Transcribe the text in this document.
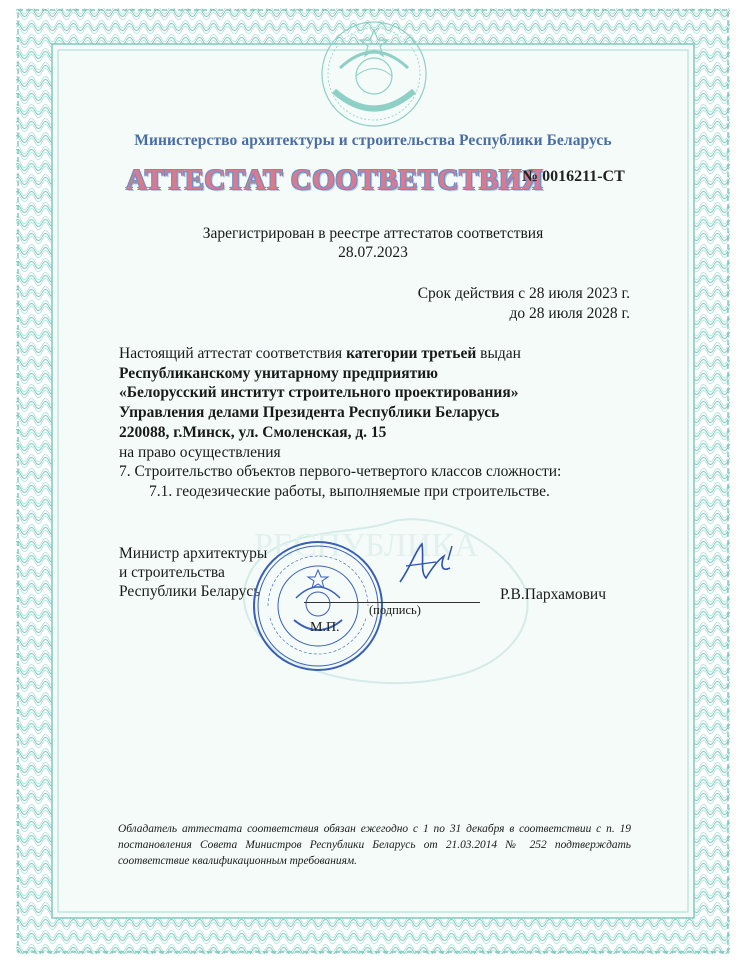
РЕСПУБЛИКА
Министерство архитектуры и строительства Республики Беларусь
АТТЕСТАТ СООТВЕТСТВИЯ
№ 0016211-СТ
Зарегистрирован в реестре аттестатов соответствия
28.07.2023
Срок действия с 28 июля 2023 г.
до 28 июля 2028 г.
Настоящий аттестат соответствия категории третьей выдан
Республиканскому унитарному предприятию
«Белорусский институт строительного проектирования»
Управления делами Президента Республики Беларусь
220088, г.Минск, ул. Смоленская, д. 15
на право осуществления
7. Строительство объектов первого-четвертого классов сложности:
7.1. геодезические работы, выполняемые при строительстве.
Министр архитектуры
и строительства
Республики Беларусь
(подпись)
М.П.
Р.В.Пархамович
Обладатель аттестата соответствия обязан ежегодно с 1 по 31 декабря в соответствии с п. 19 постановления Совета Министров Республики Беларусь от 21.03.2014 № 252 подтверждать соответствие квалификационным требованиям.
